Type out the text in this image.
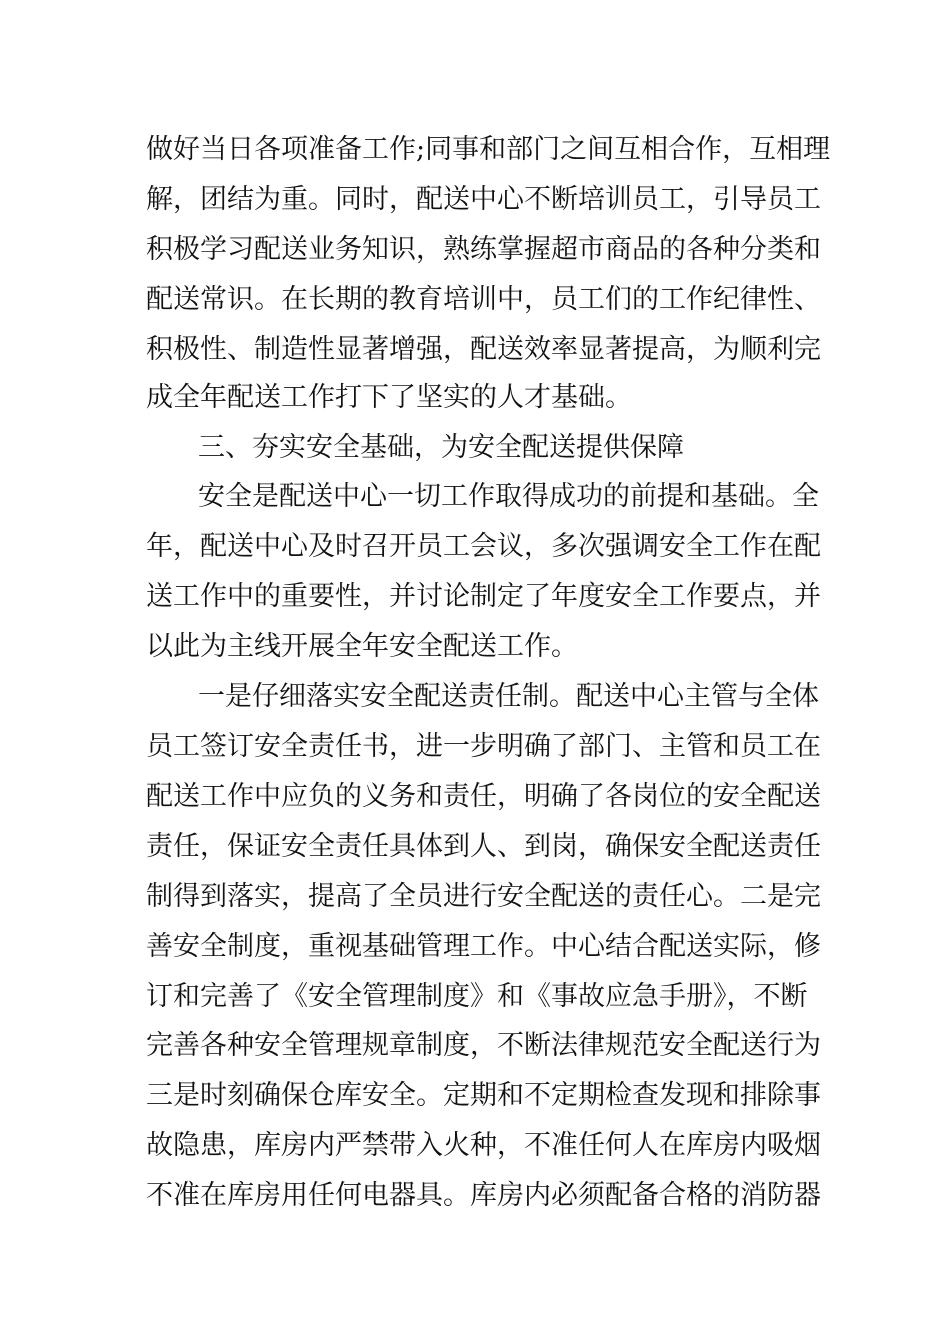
做好当日各项准备工作;同事和部门之间互相合作，互相理
解，团结为重。同时，配送中心不断培训员工，引导员工
积极学习配送业务知识，熟练掌握超市商品的各种分类和
配送常识。在长期的教育培训中，员工们的工作纪律性、
积极性、制造性显著增强，配送效率显著提高，为顺利完
成全年配送工作打下了坚实的人才基础。
三、夯实安全基础，为安全配送提供保障
安全是配送中心一切工作取得成功的前提和基础。全
年，配送中心及时召开员工会议，多次强调安全工作在配
送工作中的重要性，并讨论制定了年度安全工作要点，并
以此为主线开展全年安全配送工作。
一是仔细落实安全配送责任制。配送中心主管与全体
员工签订安全责任书，进一步明确了部门、主管和员工在
配送工作中应负的义务和责任，明确了各岗位的安全配送
责任，保证安全责任具体到人、到岗，确保安全配送责任
制得到落实，提高了全员进行安全配送的责任心。二是完
善安全制度，重视基础管理工作。中心结合配送实际，修
订和完善了《安全管理制度》和《事故应急手册》，不断
完善各种安全管理规章制度，不断法律规范安全配送行为
三是时刻确保仓库安全。定期和不定期检查发现和排除事
故隐患，库房内严禁带入火种，不准任何人在库房内吸烟
不准在库房用任何电器具。库房内必须配备合格的消防器
